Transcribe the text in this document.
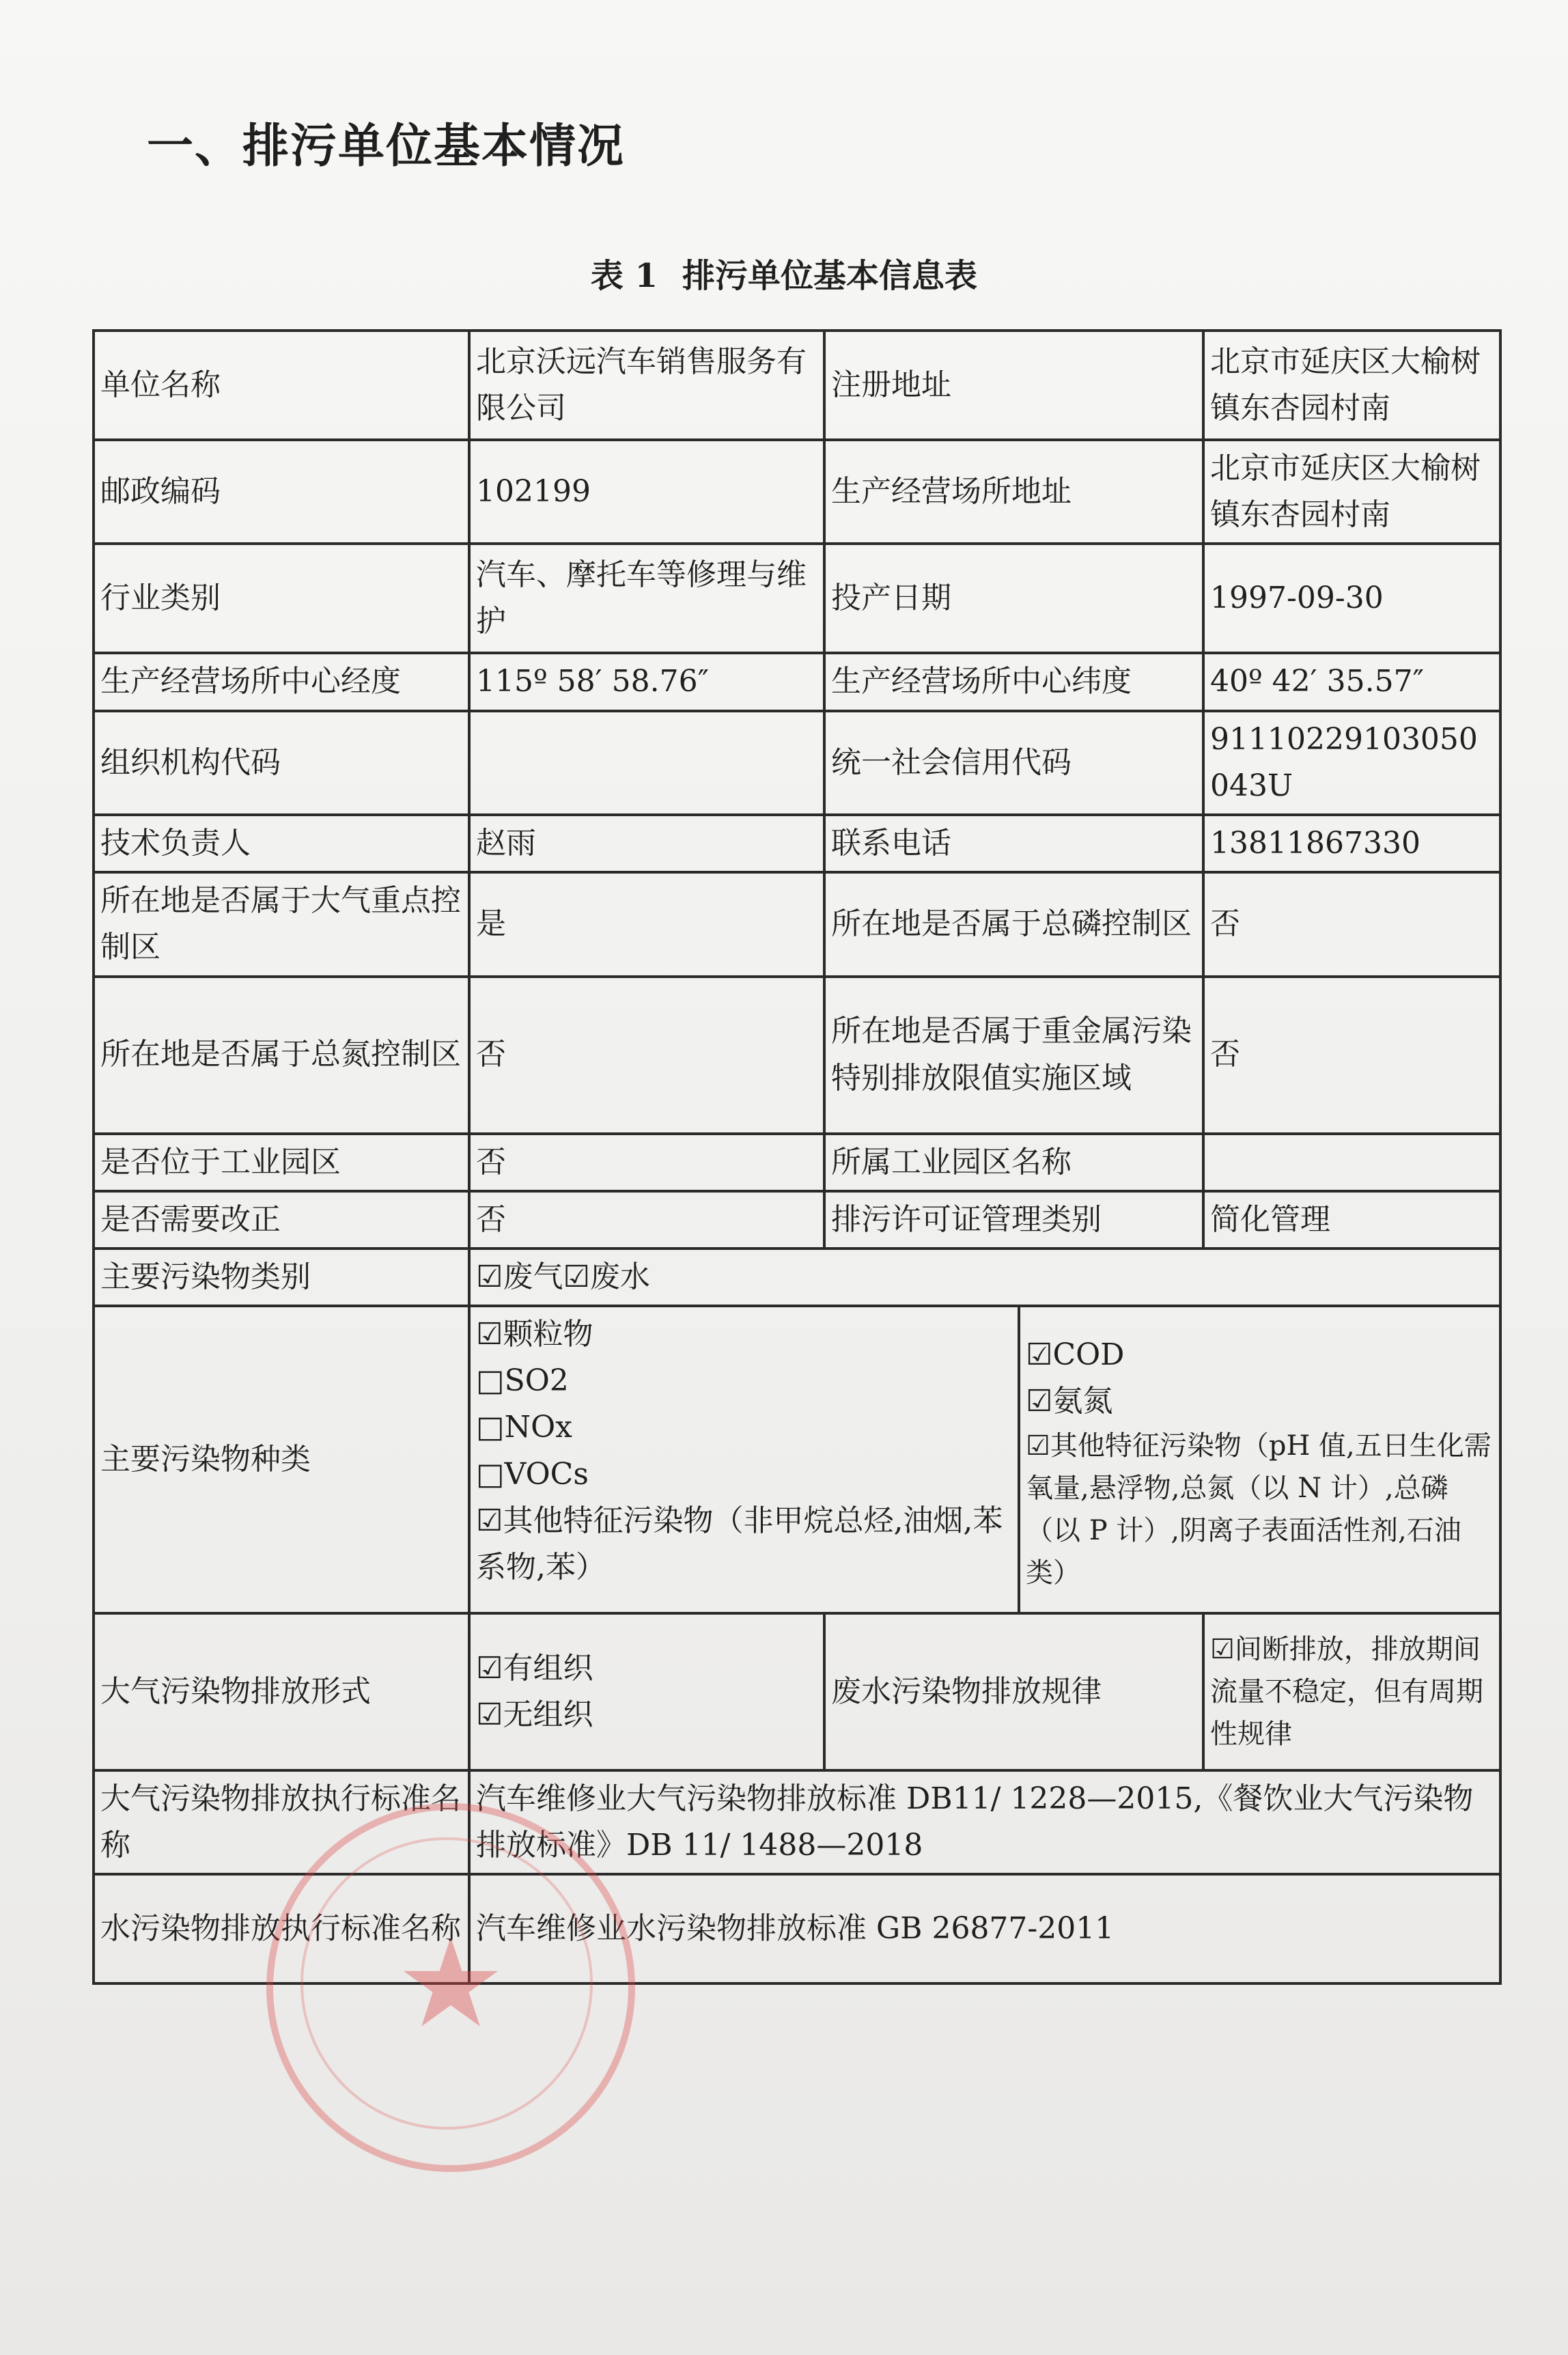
一、排污单位基本情况
表 1 排污单位基本信息表
单位名称	北京沃远汽车销售服务有限公司	注册地址		北京市延庆区大榆树镇东杏园村南
邮政编码	102199	生产经营场所地址		北京市延庆区大榆树镇东杏园村南
行业类别	汽车、摩托车等修理与维护	投产日期		1997-09-30
生产经营场所中心经度	115º 58′ 58.76″	生产经营场所中心纬度		40º 42′ 35.57″
组织机构代码		统一社会信用代码		91110229103050043U
技术负责人	赵雨	联系电话		13811867330
所在地是否属于大气重点控制区	是	所在地是否属于总磷控制区		否
所在地是否属于总氮控制区	否	所在地是否属于重金属污染特别排放限值实施区域		否
是否位于工业园区	否	所属工业园区名称		
是否需要改正	否	排污许可证管理类别		简化管理
主要污染物类别	☑废气☑废水			
主要污染物种类	☑颗粒物
□SO2
□NOx
□VOCs
☑其他特征污染物（非甲烷总烃,油烟,苯系物,苯）		☑COD
☑氨氮
☑其他特征污染物（pH 值,五日生化需氧量,悬浮物,总氮（以 N 计）,总磷（以 P 计）,阴离子表面活性剂,石油类）	

大气污染物排放形式	☑有组织
☑无组织	废水污染物排放规律		☑间断排放，排放期间流量不稳定，但有周期性规律
大气污染物排放执行标准名称	汽车维修业大气污染物排放标准 DB11/ 1228—2015,《餐饮业大气污染物排放标准》DB 11/ 1488—2018			
水污染物排放执行标准名称	汽车维修业水污染物排放标准 GB 26877-2011			
★
